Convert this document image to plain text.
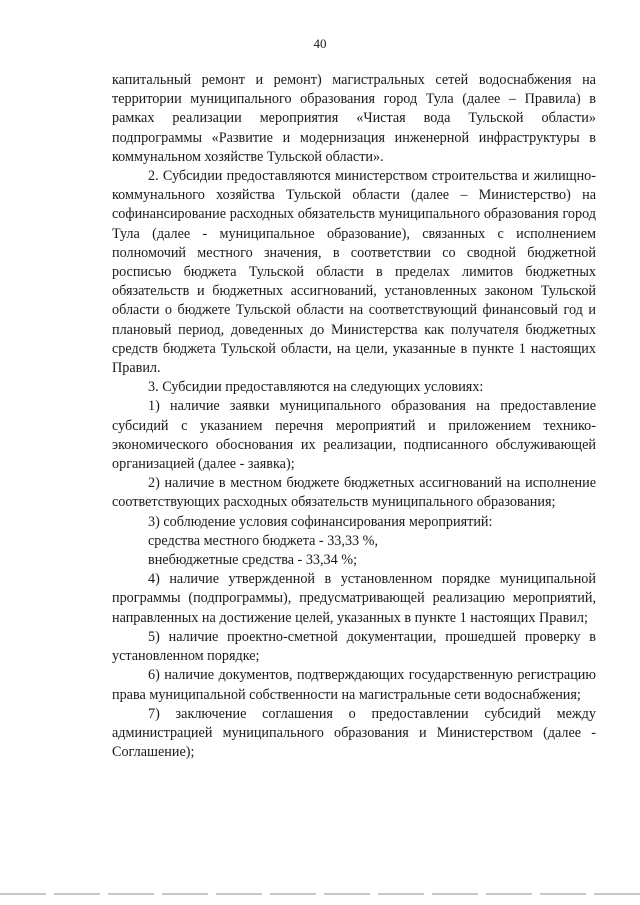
40

капитальный ремонт и ремонт) магистральных сетей водоснабжения на территории муниципального образования город Тула (далее – Правила) в рамках реализации мероприятия «Чистая вода Тульской области» подпрограммы «Развитие и модернизация инженерной инфраструктуры в коммунальном хозяйстве Тульской области».

2. Субсидии предоставляются министерством строительства и жилищно-коммунального хозяйства Тульской области (далее – Министерство) на софинансирование расходных обязательств муниципального образования город Тула (далее - муниципальное образование), связанных с исполнением полномочий местного значения, в соответствии со сводной бюджетной росписью бюджета Тульской области в пределах лимитов бюджетных обязательств и бюджетных ассигнований, установленных законом Тульской области о бюджете Тульской области на соответствующий финансовый год и плановый период, доведенных до Министерства как получателя бюджетных средств бюджета Тульской области, на цели, указанные в пункте 1 настоящих Правил.

3. Субсидии предоставляются на следующих условиях:

1) наличие заявки муниципального образования на предоставление субсидий с указанием перечня мероприятий и приложением технико-экономического обоснования их реализации, подписанного обслуживающей организацией (далее - заявка);

2) наличие в местном бюджете бюджетных ассигнований на исполнение соответствующих расходных обязательств муниципального образования;

3) соблюдение условия софинансирования мероприятий:

средства местного бюджета - 33,33 %,

внебюджетные средства - 33,34 %;

4) наличие утвержденной в установленном порядке муниципальной программы (подпрограммы), предусматривающей реализацию мероприятий, направленных на достижение целей, указанных в пункте 1 настоящих Правил;

5) наличие проектно-сметной документации, прошедшей проверку в установленном порядке;

6) наличие документов, подтверждающих государственную регистрацию права муниципальной собственности на магистральные сети водоснабжения;

7) заключение соглашения о предоставлении субсидий между администрацией муниципального образования и Министерством (далее - Соглашение);
